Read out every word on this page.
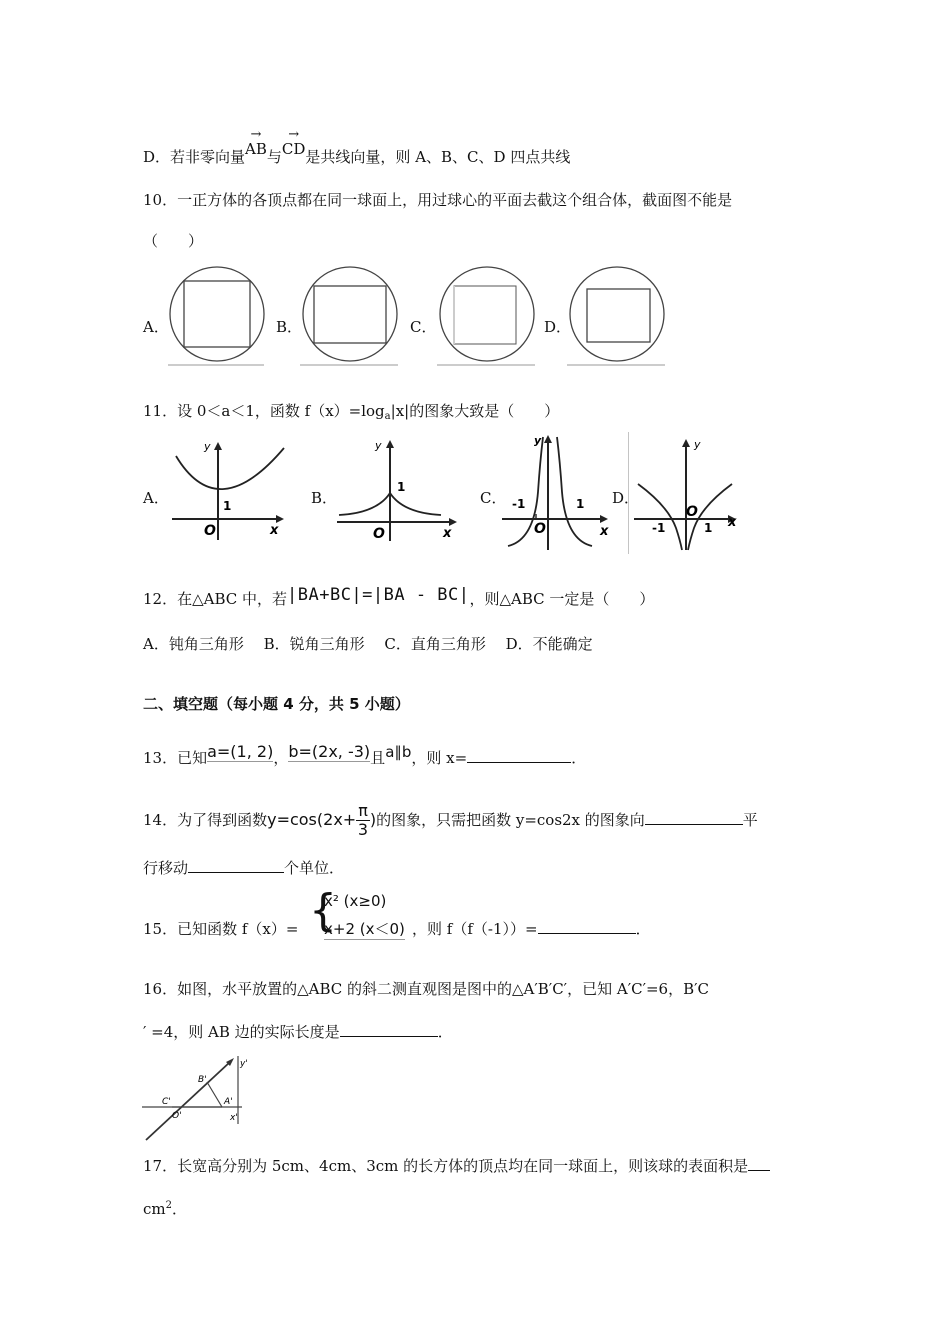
D．若非零向量→ AB与→ CD是共线向量，则 A、B、C、D 四点共线
10．一正方体的各顶点都在同一球面上，用过球心的平面去截这个组合体，截面图不能是
（　　）
A．	B．	C．	D．
11．设 0＜a＜1，函数 $f(x)=\log_a|x|$的图象大致是（　　）
A．	B．	C．	D．
y
x
O
1
y
x
O
1
y
x
O
-1	1
y
x
O
-1	1
12．在△ABC 中，若|BA+BC|=|BA - BC|，则△ABC 一定是（　　）
A．钝角三角形　 B．锐角三角形　 C．直角三角形　 D．不能确定
二、填空题（每小题 4 分，共 5 小题）
13．已知a=(1, 2)，b=(2x, -3)且a∥b，则 x=	．
14．为了得到函数$y=\cos(2x+ \frac{\pi}{3}$ )的图象，只需把函数 y=cos2x 的图象向	平
行移动	个单位．
15．已知函数 f（x）= {
x² (x≥0)
x+2 (x＜0) ，则 f（f（-1））=	．
16．如图，水平放置的△ABC 的斜二测直观图是图中的△A′B′C′，已知 A′C′=6，B′C
′ =4，则 AB 边的实际长度是	．
B'
C'	A'
O'	x'
y'
17．长宽高分别为 5cm、4cm、3cm 的长方体的顶点均在同一球面上，则该球的表面积是
$cm^2$．
